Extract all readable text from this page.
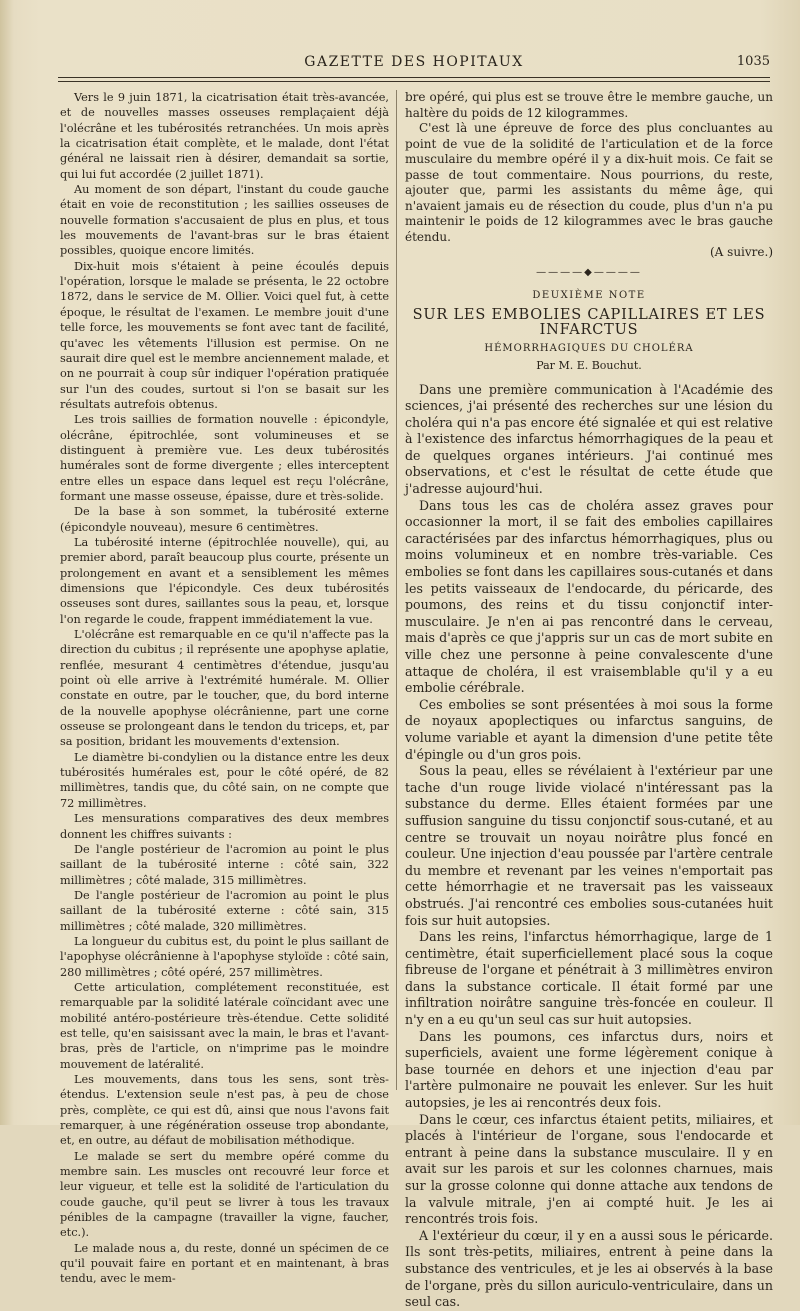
GAZETTE DES HOPITAUX	1035

Vers le 9 juin 1871, la cicatrisation était très-avancée, et de nouvelles masses osseuses remplaçaient déjà l'olécrâne et les tubérosités retranchées. Un mois après la cicatrisation était complète, et le malade, dont l'état général ne laissait rien à désirer, demandait sa sortie, qui lui fut accordée (2 juillet 1871).

Au moment de son départ, l'instant du coude gauche était en voie de reconstitution ; les saillies osseuses de nouvelle formation s'accusaient de plus en plus, et tous les mouvements de l'avant-bras sur le bras étaient possibles, quoique encore limités.

Dix-huit mois s'étaient à peine écoulés depuis l'opération, lorsque le malade se présenta, le 22 octobre 1872, dans le service de M. Ollier. Voici quel fut, à cette époque, le résultat de l'examen. Le membre jouit d'une telle force, les mouvements se font avec tant de facilité, qu'avec les vêtements l'illusion est permise. On ne saurait dire quel est le membre anciennement malade, et on ne pourrait à coup sûr indiquer l'opération pratiquée sur l'un des coudes, surtout si l'on se basait sur les résultats autrefois obtenus.

Les trois saillies de formation nouvelle : épicondyle, olécrâne, épitrochlée, sont volumineuses et se distinguent à première vue. Les deux tubérosités humérales sont de forme divergente ; elles interceptent entre elles un espace dans lequel est reçu l'olécrâne, formant une masse osseuse, épaisse, dure et très-solide.

De la base à son sommet, la tubérosité externe (épicondyle nouveau), mesure 6 centimètres.

La tubérosité interne (épitrochlée nouvelle), qui, au premier abord, paraît beaucoup plus courte, présente un prolongement en avant et a sensiblement les mêmes dimensions que l'épicondyle. Ces deux tubérosités osseuses sont dures, saillantes sous la peau, et, lorsque l'on regarde le coude, frappent immédiatement la vue.

L'olécrâne est remarquable en ce qu'il n'affecte pas la direction du cubitus ; il représente une apophyse aplatie, renflée, mesurant 4 centimètres d'étendue, jusqu'au point où elle arrive à l'extrémité humérale. M. Ollier constate en outre, par le toucher, que, du bord interne de la nouvelle apophyse olécrânienne, part une corne osseuse se prolongeant dans le tendon du triceps, et, par sa position, bridant les mouvements d'extension.

Le diamètre bi-condylien ou la distance entre les deux tubérosités humérales est, pour le côté opéré, de 82 millimètres, tandis que, du côté sain, on ne compte que 72 millimètres.

Les mensurations comparatives des deux membres donnent les chiffres suivants :

De l'angle postérieur de l'acromion au point le plus saillant de la tubérosité interne : côté sain, 322 millimètres ; côté malade, 315 millimètres.

De l'angle postérieur de l'acromion au point le plus saillant de la tubérosité externe : côté sain, 315 millimètres ; côté malade, 320 millimètres.

La longueur du cubitus est, du point le plus saillant de l'apophyse olécrânienne à l'apophyse styloïde : côté sain, 280 millimètres ; côté opéré, 257 millimètres.

Cette articulation, complétement reconstituée, est remarquable par la solidité latérale coïncidant avec une mobilité antéro-postérieure très-étendue. Cette solidité est telle, qu'en saisissant avec la main, le bras et l'avant-bras, près de l'article, on n'imprime pas le moindre mouvement de latéralité.

Les mouvements, dans tous les sens, sont très-étendus. L'extension seule n'est pas, à peu de chose près, complète, ce qui est dû, ainsi que nous l'avons fait remarquer, à une régénération osseuse trop abondante, et, en outre, au défaut de mobilisation méthodique.

Le malade se sert du membre opéré comme du membre sain. Les muscles ont recouvré leur force et leur vigueur, et telle est la solidité de l'articulation du coude gauche, qu'il peut se livrer à tous les travaux pénibles de la campagne (travailler la vigne, faucher, etc.).

Le malade nous a, du reste, donné un spécimen de ce qu'il pouvait faire en portant et en maintenant, à bras tendu, avec le mem-

bre opéré, qui plus est se trouve être le membre gauche, un haltère du poids de 12 kilogrammes.

C'est là une épreuve de force des plus concluantes au point de vue de la solidité de l'articulation et de la force musculaire du membre opéré il y a dix-huit mois. Ce fait se passe de tout commentaire. Nous pourrions, du reste, ajouter que, parmi les assistants du même âge, qui n'avaient jamais eu de résection du coude, plus d'un n'a pu maintenir le poids de 12 kilogrammes avec le bras gauche étendu.

(A suivre.)
————◆————
DEUXIÈME NOTE
SUR LES EMBOLIES CAPILLAIRES ET LES INFARCTUS
HÉMORRHAGIQUES DU CHOLÉRA
Par M. E. Bouchut.

Dans une première communication à l'Académie des sciences, j'ai présenté des recherches sur une lésion du choléra qui n'a pas encore été signalée et qui est relative à l'existence des infarctus hémorrhagiques de la peau et de quelques organes intérieurs. J'ai continué mes observations, et c'est le résultat de cette étude que j'adresse aujourd'hui.

Dans tous les cas de choléra assez graves pour occasionner la mort, il se fait des embolies capillaires caractérisées par des infarctus hémorrhagiques, plus ou moins volumineux et en nombre très-variable. Ces embolies se font dans les capillaires sous-cutanés et dans les petits vaisseaux de l'endocarde, du péricarde, des poumons, des reins et du tissu conjonctif inter-musculaire. Je n'en ai pas rencontré dans le cerveau, mais d'après ce que j'appris sur un cas de mort subite en ville chez une personne à peine convalescente d'une attaque de choléra, il est vraisemblable qu'il y a eu embolie cérébrale.

Ces embolies se sont présentées à moi sous la forme de noyaux apoplectiques ou infarctus sanguins, de volume variable et ayant la dimension d'une petite tête d'épingle ou d'un gros pois.

Sous la peau, elles se révélaient à l'extérieur par une tache d'un rouge livide violacé n'intéressant pas la substance du derme. Elles étaient formées par une suffusion sanguine du tissu conjonctif sous-cutané, et au centre se trouvait un noyau noirâtre plus foncé en couleur. Une injection d'eau poussée par l'artère centrale du membre et revenant par les veines n'emportait pas cette hémorrhagie et ne traversait pas les vaisseaux obstrués. J'ai rencontré ces embolies sous-cutanées huit fois sur huit autopsies.

Dans les reins, l'infarctus hémorrhagique, large de 1 centimètre, était superficiellement placé sous la coque fibreuse de l'organe et pénétrait à 3 millimètres environ dans la substance corticale. Il était formé par une infiltration noirâtre sanguine très-foncée en couleur. Il n'y en a eu qu'un seul cas sur huit autopsies.

Dans les poumons, ces infarctus durs, noirs et superficiels, avaient une forme légèrement conique à base tournée en dehors et une injection d'eau par l'artère pulmonaire ne pouvait les enlever. Sur les huit autopsies, je les ai rencontrés deux fois.

Dans le cœur, ces infarctus étaient petits, miliaires, et placés à l'intérieur de l'organe, sous l'endocarde et entrant à peine dans la substance musculaire. Il y en avait sur les parois et sur les colonnes charnues, mais sur la grosse colonne qui donne attache aux tendons de la valvule mitrale, j'en ai compté huit. Je les ai rencontrés trois fois.

A l'extérieur du cœur, il y en a aussi sous le péricarde. Ils sont très-petits, miliaires, entrent à peine dans la substance des ventricules, et je les ai observés à la base de l'organe, près du sillon auriculo-ventriculaire, dans un seul cas.
